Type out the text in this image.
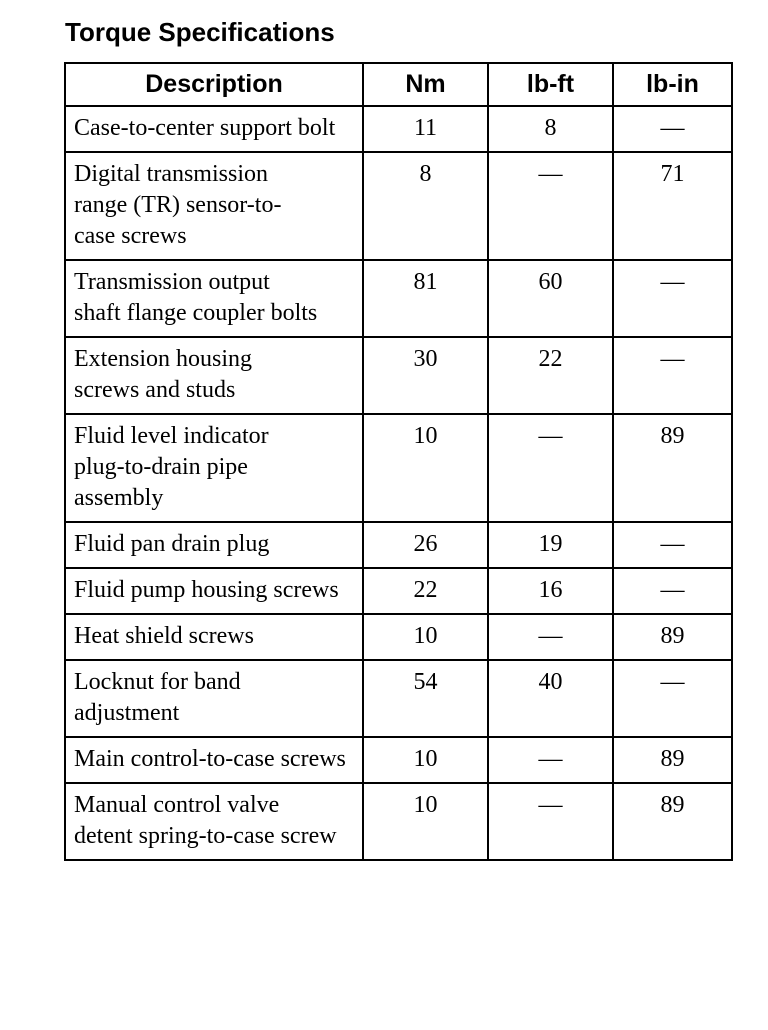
Torque Specifications
Description	Nm	lb-ft	lb-in
Case-to-center support bolt	11	8	—
Digital transmission range (TR) sensor-to-case screws	8	—	71
Transmission output shaft flange coupler bolts	81	60	—
Extension housing screws and studs	30	22	—
Fluid level indicator plug-to-drain pipe assembly	10	—	89
Fluid pan drain plug	26	19	—
Fluid pump housing screws	22	16	—
Heat shield screws	10	—	89
Locknut for band adjustment	54	40	—
Main control-to-case screws	10	—	89
Manual control valve detent spring-to-case screw	10	—	89
